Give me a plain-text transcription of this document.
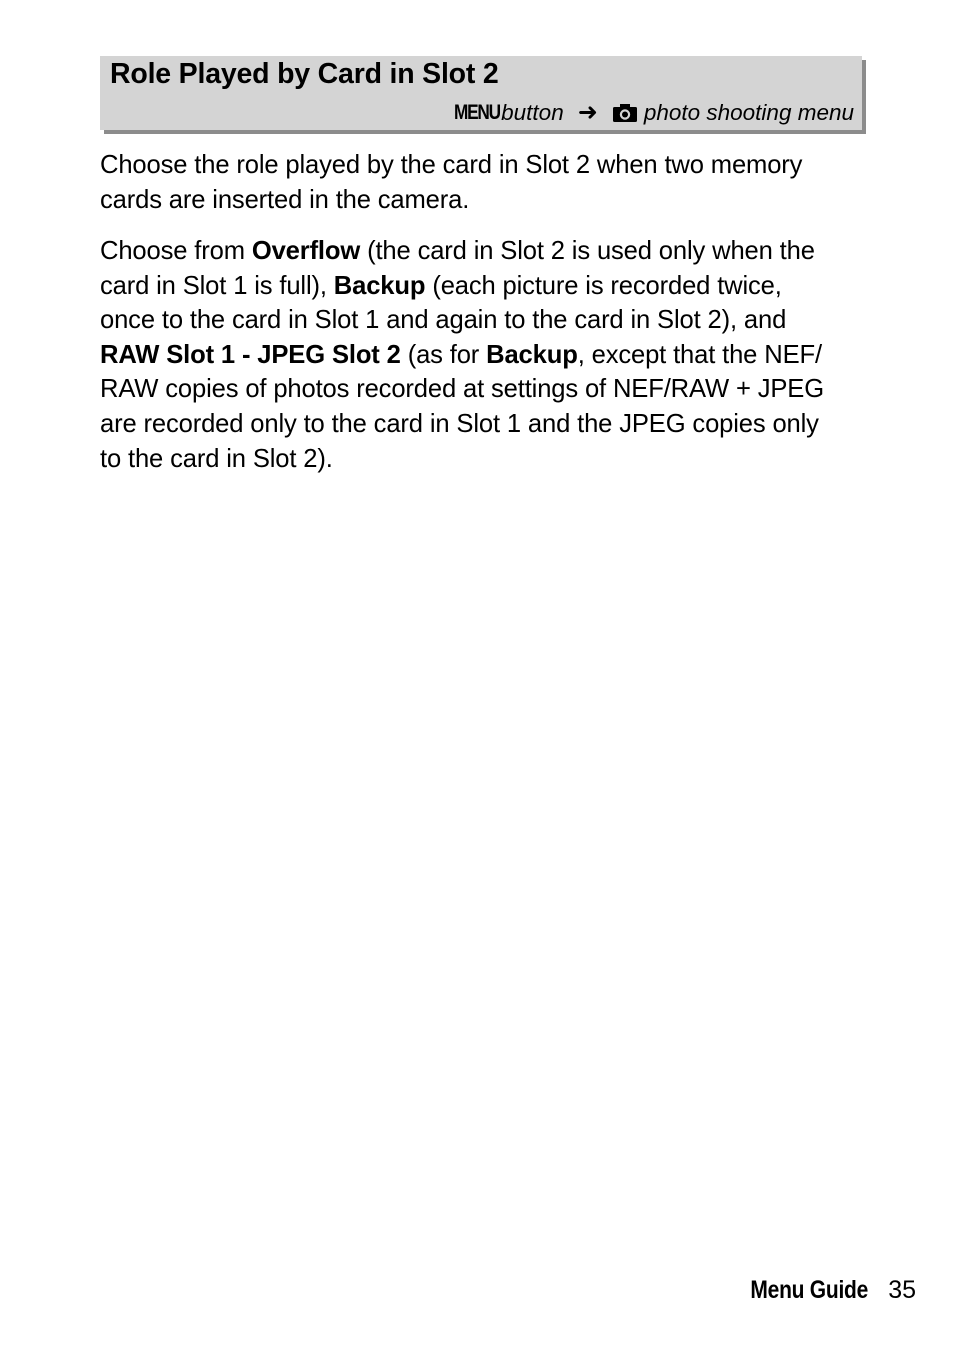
Role Played by Card in Slot 2
MENU button ➜ photo shooting menu
Choose the role played by the card in Slot 2 when two memory
cards are inserted in the camera.
Choose from Overflow (the card in Slot 2 is used only when the
card in Slot 1 is full), Backup (each picture is recorded twice,
once to the card in Slot 1 and again to the card in Slot 2), and
RAW Slot 1 - JPEG Slot 2 (as for Backup, except that the NEF/
RAW copies of photos recorded at settings of NEF/RAW + JPEG
are recorded only to the card in Slot 1 and the JPEG copies only
to the card in Slot 2).
Menu Guide 35
